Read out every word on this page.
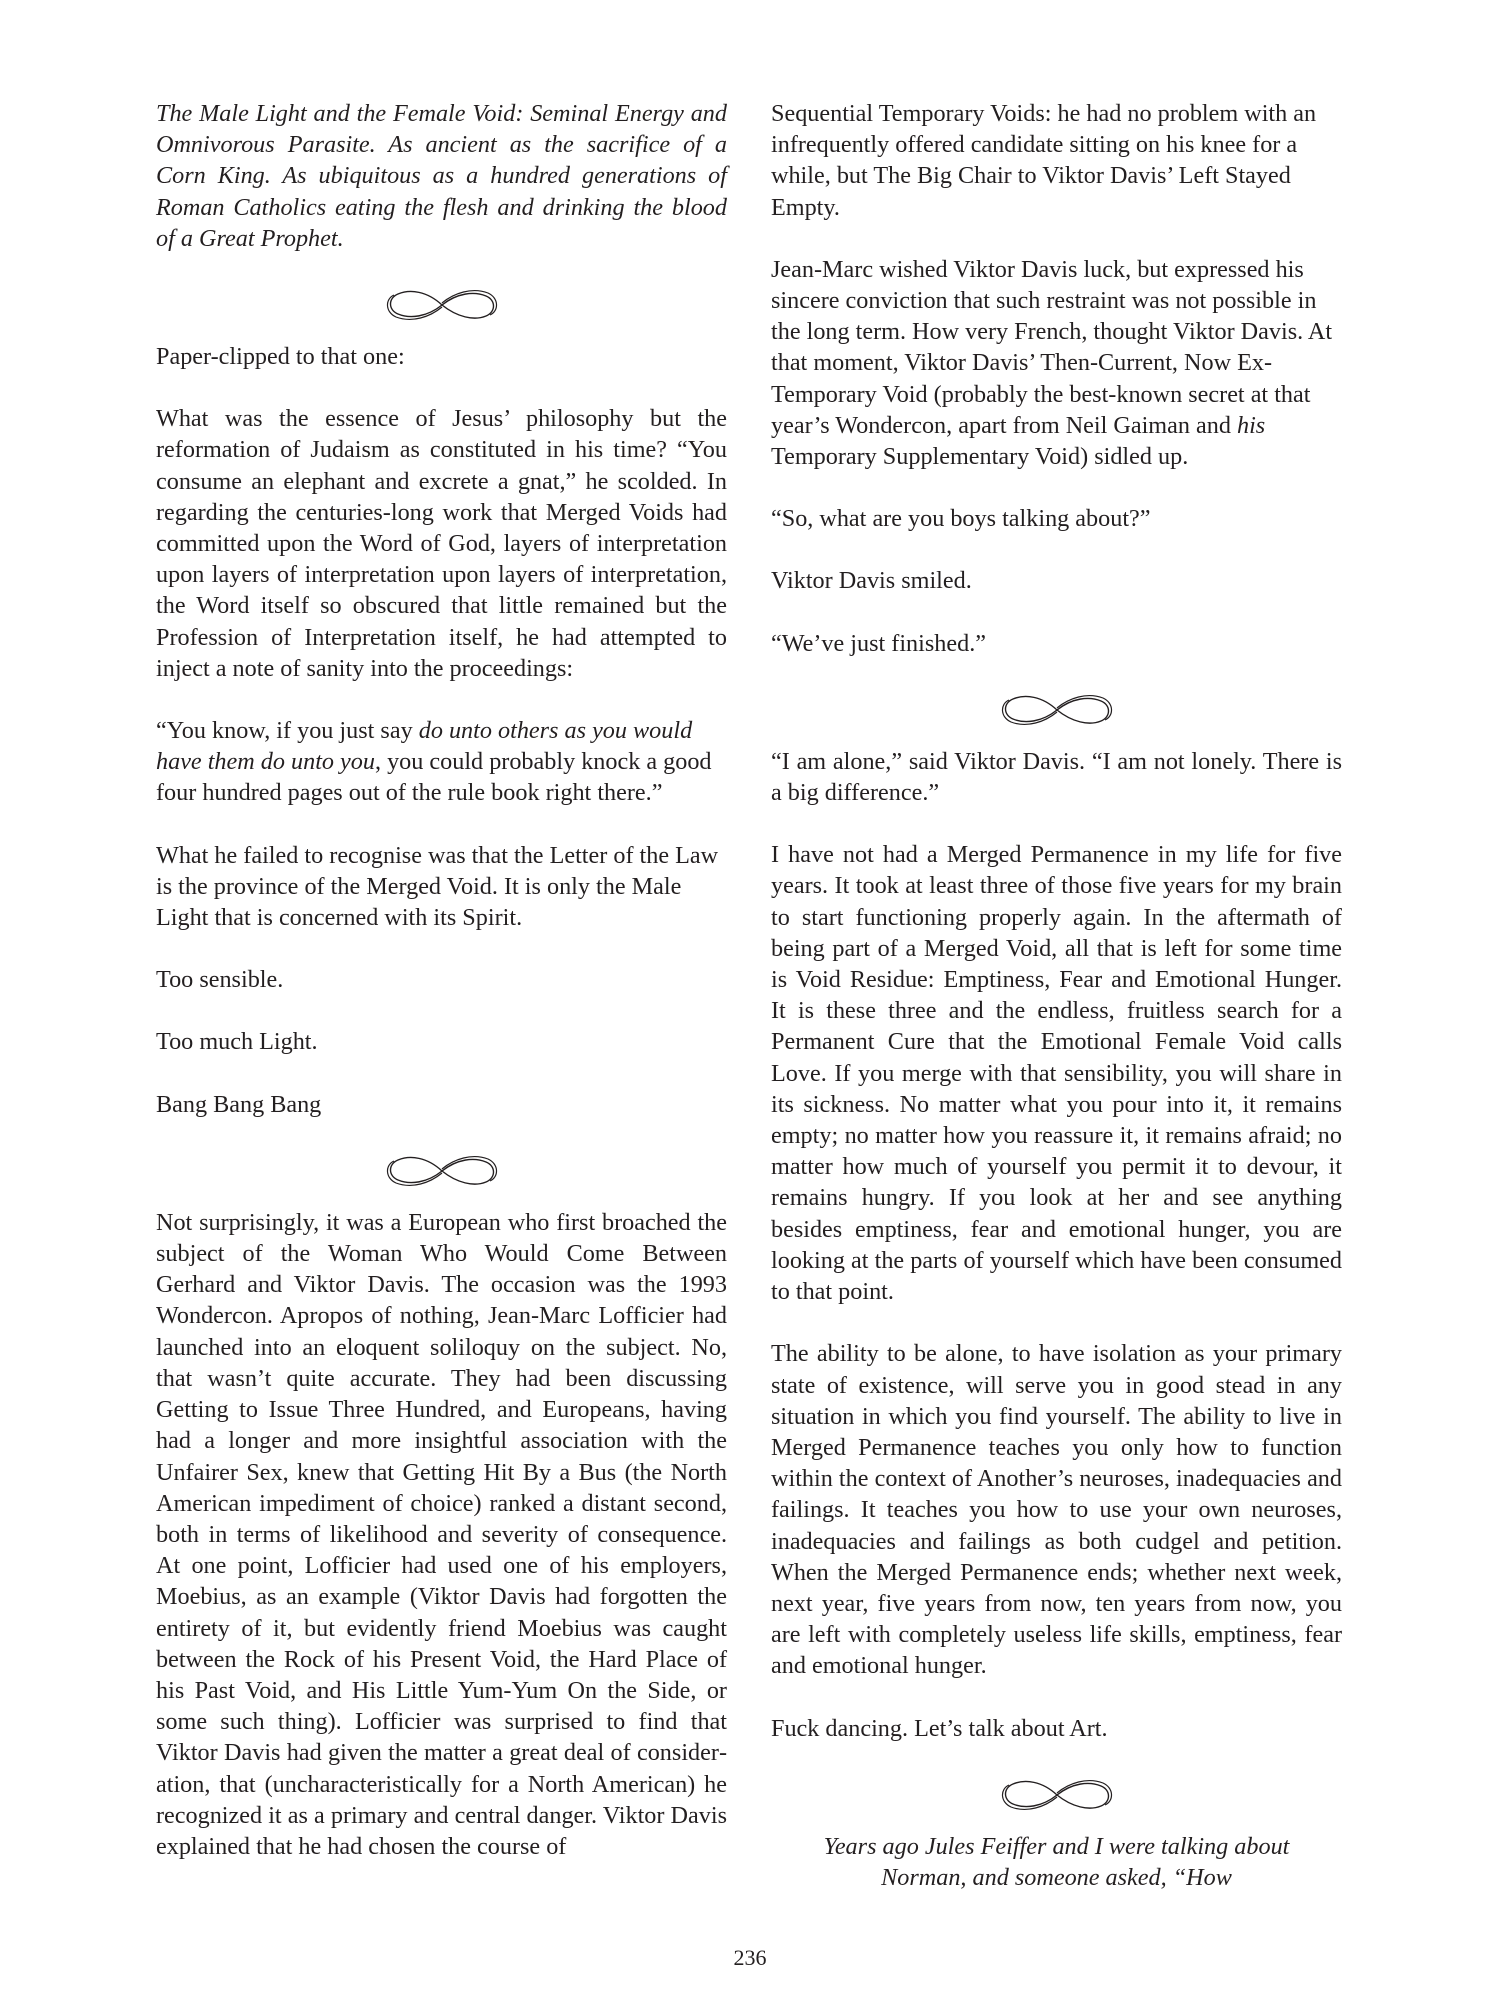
The Male Light and the Female Void: Seminal Energy and Omnivorous Parasite. As ancient as the sacrifice of a Corn King. As ubiquitous as a hundred generations of Roman Catholics eating the flesh and drinking the blood of a Great Prophet.

Paper-clipped to that one:

What was the essence of Jesus’ philosophy but the reformation of Judaism as constituted in his time? “You consume an elephant and excrete a gnat,” he scolded. In regarding the centuries-long work that Merged Voids had committed upon the Word of God, layers of interpretation upon layers of interpretation upon layers of interpretation, the Word itself so obscured that little remained but the Profession of Interpretation itself, he had attempted to inject a note of sanity into the proceedings:

“You know, if you just say do unto others as you would have them do unto you, you could probably knock a good four hundred pages out of the rule book right there.”

What he failed to recognise was that the Letter of the Law is the province of the Merged Void. It is only the Male Light that is concerned with its Spirit.

Too sensible.

Too much Light.

Bang Bang Bang

Not surprisingly, it was a European who first broached the subject of the Woman Who Would Come Between Gerhard and Viktor Davis. The occasion was the 1993 Wondercon. Apropos of nothing, Jean-Marc Lofficier had launched into an eloquent soliloquy on the subject. No, that wasn’t quite accurate. They had been discussing Getting to Issue Three Hundred, and Europeans, having had a longer and more insightful association with the Unfairer Sex, knew that Getting Hit By a Bus (the North American impediment of choice) ranked a distant second, both in terms of likelihood and severity of consequence. At one point, Lofficier had used one of his employers, Moebius, as an example (Viktor Davis had forgotten the entirety of it, but evidently friend Moebius was caught between the Rock of his Present Void, the Hard Place of his Past Void, and His Little Yum-Yum On the Side, or some such thing). Lofficier was surprised to find that Viktor Davis had given the matter a great deal of consideration, that (uncharacteristically for a North American) he recognized it as a primary and central danger. Viktor Davis explained that he had chosen the course of

Sequential Temporary Voids: he had no problem with an infrequently offered candidate sitting on his knee for a while, but The Big Chair to Viktor Davis’ Left Stayed Empty.

Jean-Marc wished Viktor Davis luck, but expressed his sincere conviction that such restraint was not possible in the long term. How very French, thought Viktor Davis. At that moment, Viktor Davis’ Then-Current, Now Ex-Temporary Void (probably the best-known secret at that year’s Wondercon, apart from Neil Gaiman and his Temporary Supplementary Void) sidled up.

“So, what are you boys talking about?”

Viktor Davis smiled.

“We’ve just finished.”

“I am alone,” said Viktor Davis. “I am not lonely. There is a big difference.”

I have not had a Merged Permanence in my life for five years. It took at least three of those five years for my brain to start functioning properly again. In the aftermath of being part of a Merged Void, all that is left for some time is Void Residue: Emptiness, Fear and Emotional Hunger. It is these three and the endless, fruitless search for a Permanent Cure that the Emotional Female Void calls Love. If you merge with that sensibility, you will share in its sickness. No matter what you pour into it, it remains empty; no matter how you reassure it, it remains afraid; no matter how much of yourself you permit it to devour, it remains hungry. If you look at her and see anything besides emptiness, fear and emotional hunger, you are looking at the parts of yourself which have been consumed to that point.

The ability to be alone, to have isolation as your primary state of existence, will serve you in good stead in any situation in which you find yourself. The ability to live in Merged Permanence teaches you only how to function within the context of Another’s neuroses, inadequacies and failings. It teaches you how to use your own neuroses, inadequacies and failings as both cudgel and petition. When the Merged Permanence ends; whether next week, next year, five years from now, ten years from now, you are left with completely useless life skills, emptiness, fear and emotional hunger.

Fuck dancing. Let’s talk about Art.

Years ago Jules Feiffer and I were talking about Norman, and someone asked, “How

236
